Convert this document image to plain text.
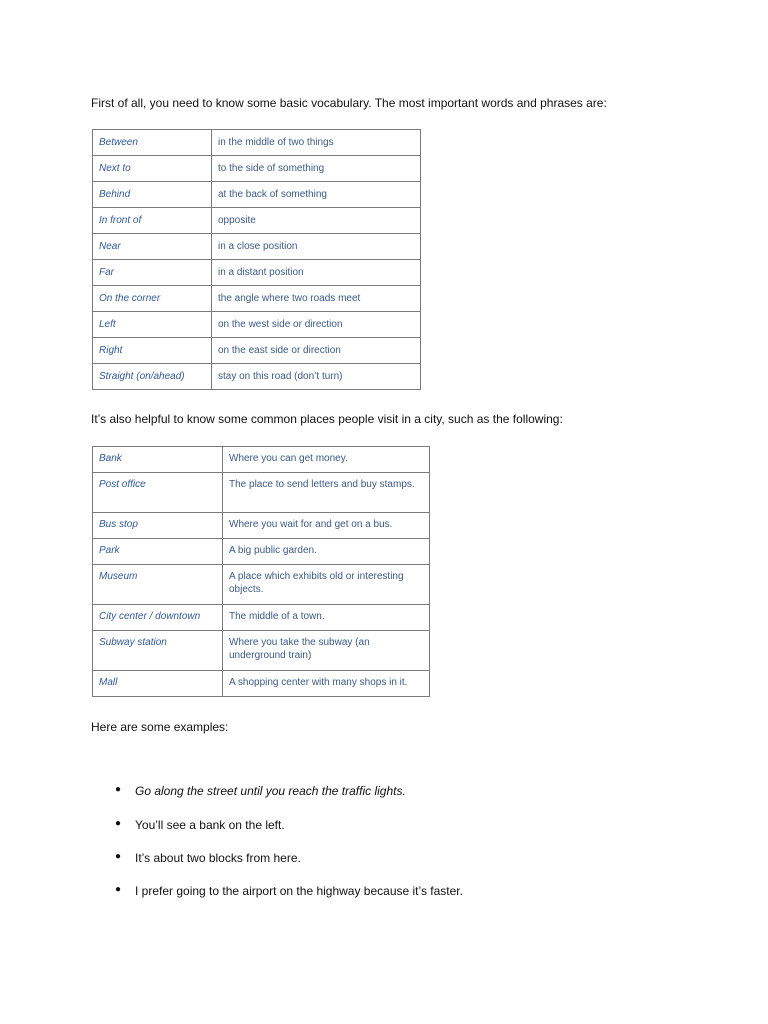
First of all, you need to know some basic vocabulary. The most important words and phrases are:
Between	in the middle of two things
Next to	to the side of something
Behind	at the back of something
In front of	opposite
Near	in a close position
Far	in a distant position
On the corner	the angle where two roads meet
Left	on the west side or direction
Right	on the east side or direction
Straight (on/ahead)	stay on this road (don’t turn)
It’s also helpful to know some common places people visit in a city, such as the following:
Bank	Where you can get money.
Post office	The place to send letters and buy stamps.
Bus stop	Where you wait for and get on a bus.
Park	A big public garden.
Museum	A place which exhibits old or interesting objects.
City center / downtown	The middle of a town.
Subway station	Where you take the subway (an underground train)
Mall	A shopping center with many shops in it.
Here are some examples:
● Go along the street until you reach the traffic lights.
● You’ll see a bank on the left.
● It’s about two blocks from here.
● I prefer going to the airport on the highway because it’s faster.
